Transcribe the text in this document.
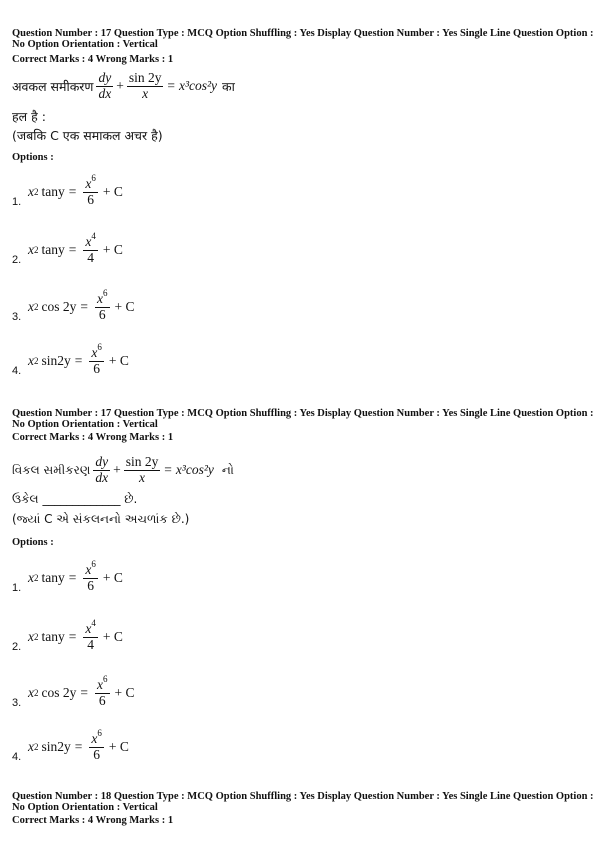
Question Number : 17 Question Type : MCQ Option Shuffling : Yes Display Question Number : Yes Single Line Question Option :
No Option Orientation : Vertical
Correct Marks : 4 Wrong Marks : 1
अवकल समीकरण $\frac{dy}{dx} + \frac{\sin 2y}{x} = x^3\cos^2y$ का
हल है :
(जबकि C एक समाकल अचर है)
Options :
1.
x 2 $\tan y = \frac{x^6}{6} + C$
2.
x 2 $\tan y = \frac{x^4}{4} + C$
3.
x 2 $\cos 2y = \frac{x^6}{6} + C$
4.
x 2 $\sin 2y = \frac{x^6}{6} + C$
Question Number : 17 Question Type : MCQ Option Shuffling : Yes Display Question Number : Yes Single Line Question Option :
No Option Orientation : Vertical
Correct Marks : 4 Wrong Marks : 1
વિકલ સમીકરણ $\frac{dy}{dx} + \frac{\sin 2y}{x} = x^3\cos^2y$ નો
ઉકેલ _____________ છે.
(જ્યાં C એ સંકલનનો અચળાંક છે.)
Options :
1.
x 2 $\tan y = \frac{x^6}{6} + C$
2.
x 2 $\tan y = \frac{x^4}{4} + C$
3.
x 2 $\cos 2y = \frac{x^6}{6} + C$
4.
x 2 $\sin 2y = \frac{x^6}{6} + C$
Question Number : 18 Question Type : MCQ Option Shuffling : Yes Display Question Number : Yes Single Line Question Option :
No Option Orientation : Vertical
Correct Marks : 4 Wrong Marks : 1
